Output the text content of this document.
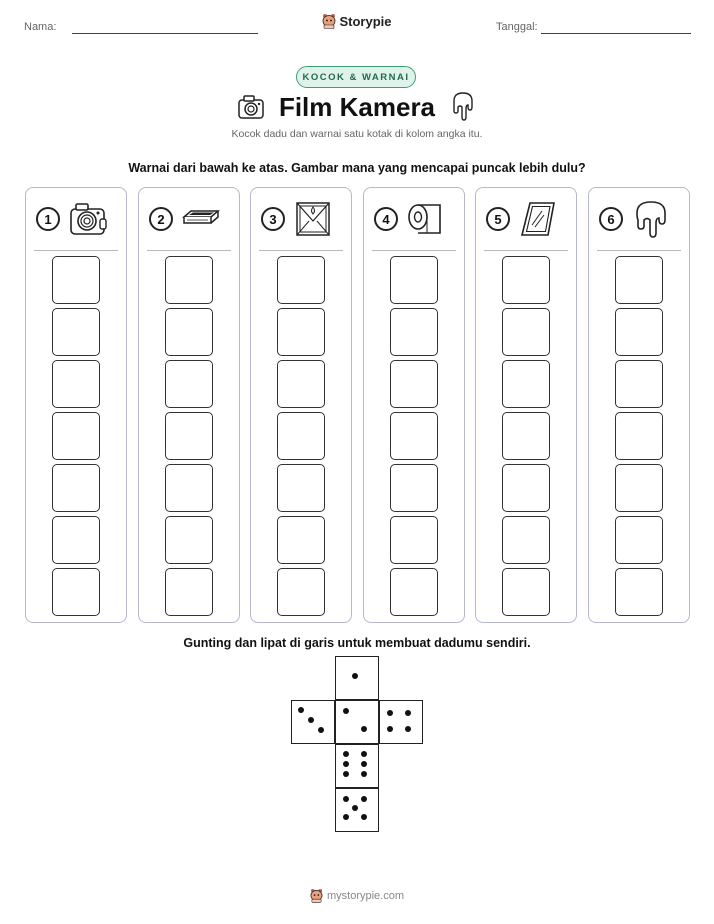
Nama:	Storypie	Tanggal:
KOCOK & WARNAI
Film Kamera
Kocok dadu dan warnai satu kotak di kolom angka itu.
Warnai dari bawah ke atas. Gambar mana yang mencapai puncak lebih dulu?
1	2	3	4	5	6
Gunting dan lipat di garis untuk membuat dadumu sendiri.
mystorypie.com
